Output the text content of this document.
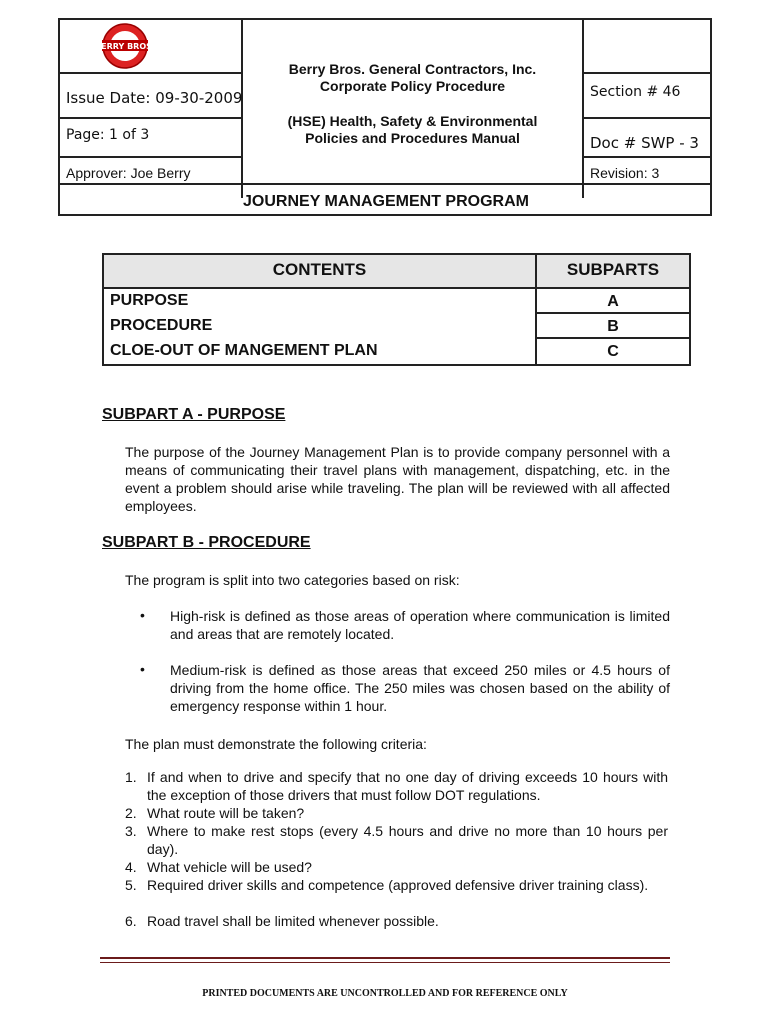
BERRY BROS.
Issue Date: 09-30-2009
Page: 1 of 3
Approver: Joe Berry
Berry Bros. General Contractors, Inc.
Corporate Policy Procedure
(HSE) Health, Safety & Environmental
Policies and Procedures Manual
Section # 46
Doc # SWP - 3
Revision: 3
JOURNEY MANAGEMENT PROGRAM
CONTENTS	SUBPARTS
PURPOSE	A
PROCEDURE	B
CLOE-OUT OF MANGEMENT PLAN	C
SUBPART A - PURPOSE
The purpose of the Journey Management Plan is to provide company personnel with a means of communicating their travel plans with management, dispatching, etc. in the event a problem should arise while traveling. The plan will be reviewed with all affected employees.
SUBPART B - PROCEDURE
The program is split into two categories based on risk:
• High-risk is defined as those areas of operation where communication is limited and areas that are remotely located.
• Medium-risk is defined as those areas that exceed 250 miles or 4.5 hours of driving from the home office. The 250 miles was chosen based on the ability of emergency response within 1 hour.
The plan must demonstrate the following criteria:
1. If and when to drive and specify that no one day of driving exceeds 10 hours with the exception of those drivers that must follow DOT regulations.
2. What route will be taken?
3. Where to make rest stops (every 4.5 hours and drive no more than 10 hours per day).
4. What vehicle will be used?
5. Required driver skills and competence (approved defensive driver training class).
6. Road travel shall be limited whenever possible.
PRINTED DOCUMENTS ARE UNCONTROLLED AND FOR REFERENCE ONLY
